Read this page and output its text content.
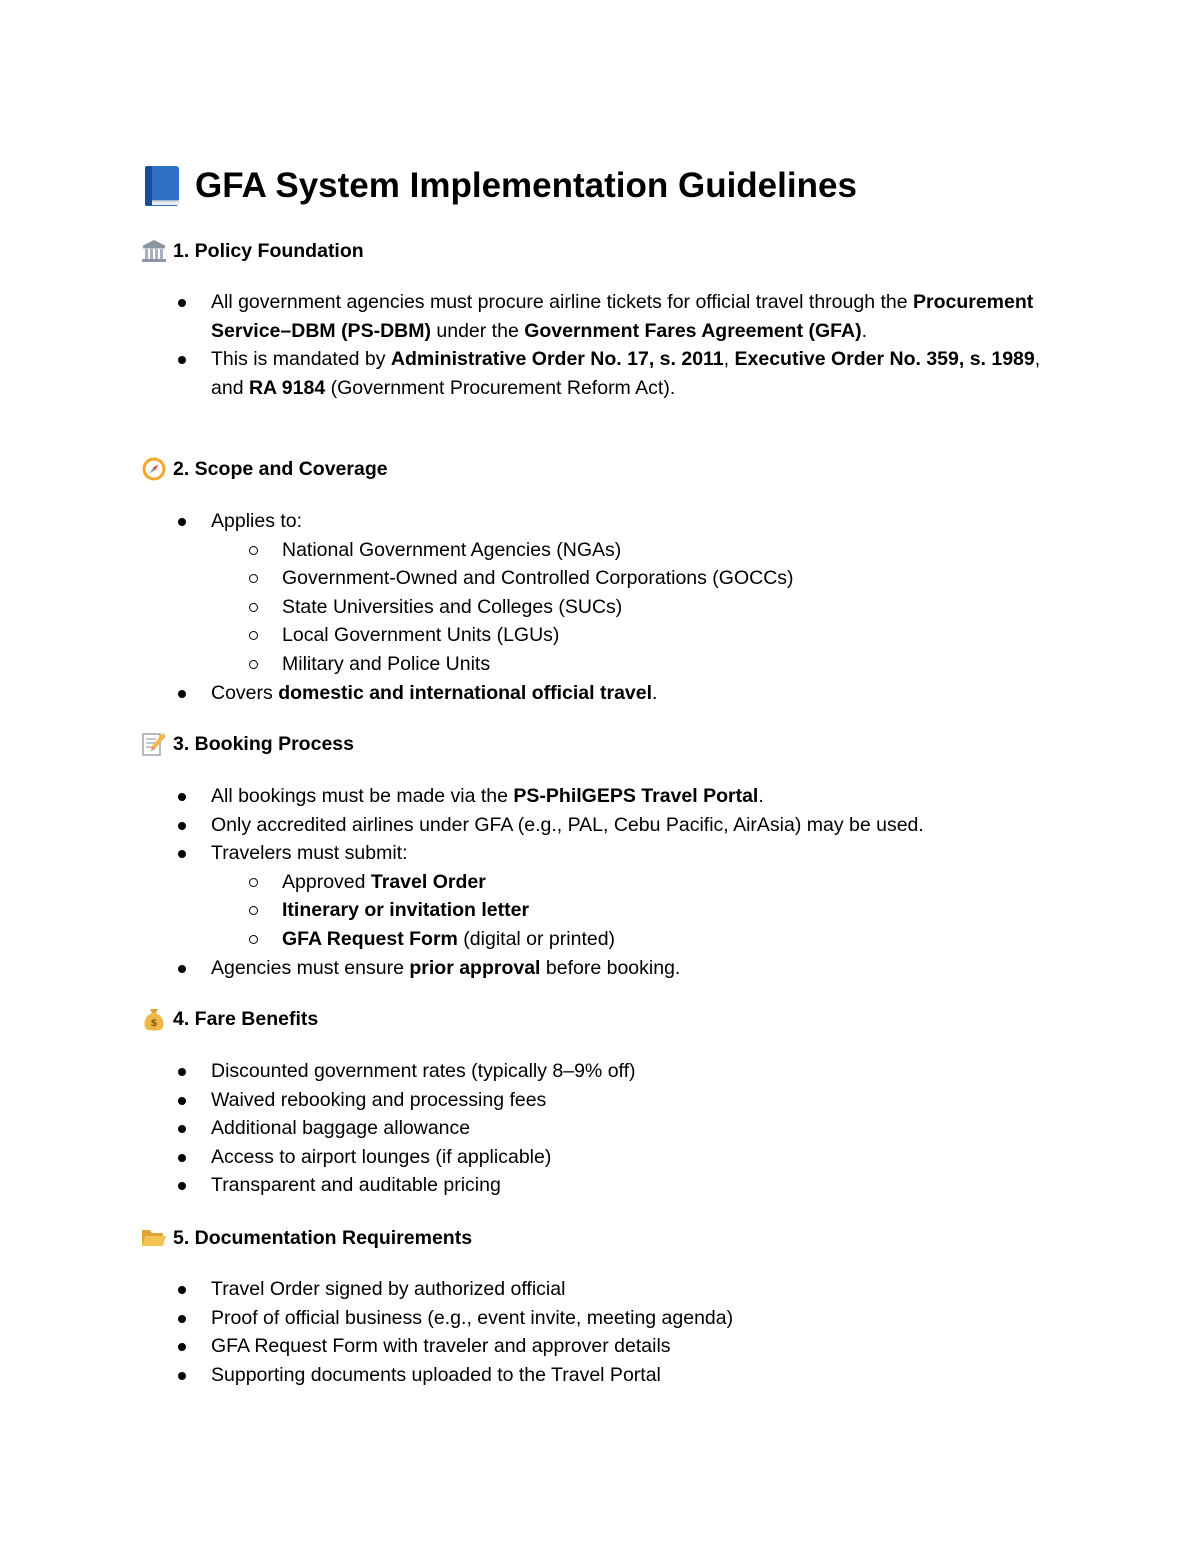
GFA System Implementation Guidelines
1. Policy Foundation
All government agencies must procure airline tickets for official travel through the Procurement Service–DBM (PS-DBM) under the Government Fares Agreement (GFA).
This is mandated by Administrative Order No. 17, s. 2011, Executive Order No. 359, s. 1989, and RA 9184 (Government Procurement Reform Act).
2. Scope and Coverage
Applies to:
National Government Agencies (NGAs)
Government-Owned and Controlled Corporations (GOCCs)
State Universities and Colleges (SUCs)
Local Government Units (LGUs)
Military and Police Units
Covers domestic and international official travel.
3. Booking Process
All bookings must be made via the PS-PhilGEPS Travel Portal.
Only accredited airlines under GFA (e.g., PAL, Cebu Pacific, AirAsia) may be used.
Travelers must submit:
Approved Travel Order
Itinerary or invitation letter
GFA Request Form (digital or printed)
Agencies must ensure prior approval before booking.
$ 4. Fare Benefits
Discounted government rates (typically 8–9% off)
Waived rebooking and processing fees
Additional baggage allowance
Access to airport lounges (if applicable)
Transparent and auditable pricing
5. Documentation Requirements
Travel Order signed by authorized official
Proof of official business (e.g., event invite, meeting agenda)
GFA Request Form with traveler and approver details
Supporting documents uploaded to the Travel Portal
